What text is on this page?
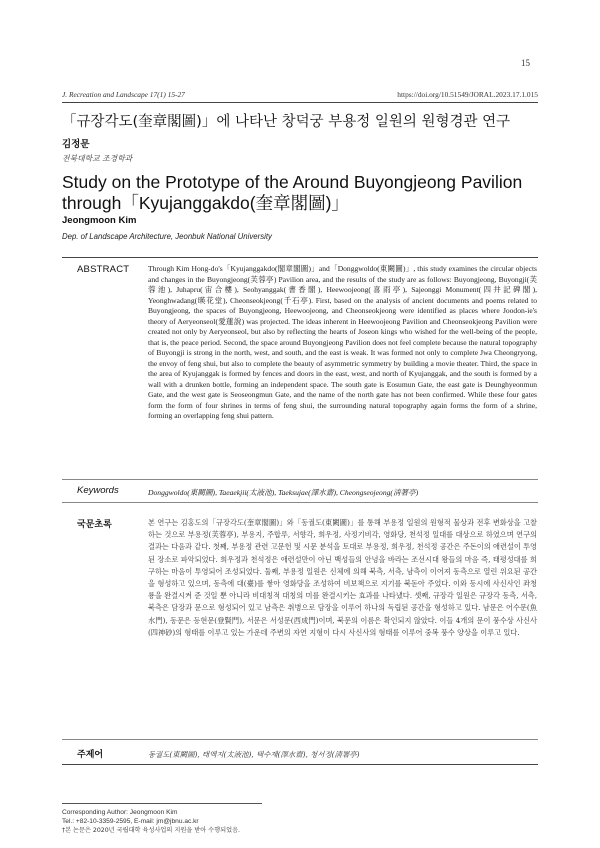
15
J. Recreation and Landscape 17(1) 15-27	https://doi.org/10.51549/JORAL.2023.17.1.015
「규장각도(奎章閣圖)」에 나타난 창덕궁 부용정 일원의 원형경관 연구
김정문
전북대학교 조경학과
Study on the Prototype of the Around Buyongjeong Pavilion through「Kyujanggakdo(奎章閣圖)」
Jeongmoon Kim
Dep. of Landscape Architecture, Jeonbuk National University
ABSTRACT Through Kim Hong-do's「Kyujanggakdo(閣章閣圖)」and「Donggwoldo(東闕圖)」, this study examines the circular objects and changes in the Buyongjeong(芙蓉亭) Pavilion area, and the results of the study are as follows: Buyongjeong, Buyongji(芙蓉池), Juhapru(宙合樓), Seohyanggak(書香閣), Heewoojeong(喜雨亭), Sajeonggi Monument(四井記碑閣), Yeonghwadang(暎花堂), Cheonseokjeong(千石亭). First, based on the analysis of ancient documents and poems related to Buyongjeong, the spaces of Buyongjeong, Heewoojeong, and Cheonseokjeong were identified as places where Joodon-ie's theory of Aeryeonseol(愛蓮說) was projected. The ideas inherent in Heewoojeong Pavilion and Cheonseokjeong Pavilion were created not only by Aeryeonseol, but also by reflecting the hearts of Joseon kings who wished for the well-being of the people, that is, the peace period. Second, the space around Buyongjeong Pavilion does not feel complete because the natural topography of Buyongji is strong in the north, west, and south, and the east is weak. It was formed not only to complete Jwa Cheongryong, the envoy of feng shui, but also to complete the beauty of asymmetric symmetry by building a movie theater. Third, the space in the area of Kyujanggak is formed by fences and doors in the east, west, and north of Kyujanggak, and the south is formed by a wall with a drunken bottle, forming an independent space. The south gate is Eosumun Gate, the east gate is Deunghyeonmun Gate, and the west gate is Seoseongmun Gate, and the name of the north gate has not been confirmed. While these four gates form the form of four shrines in terms of feng shui, the surrounding natural topography again forms the form of a shrine, forming an overlapping feng shui pattern.

Keywords	Donggwoldo(東闕圖), Taeaekjii(太液池), Taeksujae(澤水齋), Cheongseojeong(淸署亭)
국문초록	본 연구는 김홍도의「규장각도(奎章閣圖)」와「동궐도(東闕圖)」를 통해 부용정 일원의 원형적 물상과 전후 변화상을 고찰하는 것으로 부용정(芙蓉亭), 부용지, 주합루, 서향각, 희우정, 사정기비각, 영화당, 천석정 일대를 대상으로 하였으며 연구의 결과는 다음과 같다. 첫째, 부용정 관련 고문헌 및 시문 분석을 토대로 부용정, 희우정, 천석정 공간은 주돈이의 애련설이 투영된 장소로 파악되었다. 희우정과 천석정은 애련설만이 아닌 백성들의 안녕을 바라는 조선시대 왕들의 마음 즉, 태평성대를 희구하는 마음이 투영되어 조성되었다. 둘째, 부용정 일원은 신체에 의해 북측, 서측, 남측이 이어져 동측으로 열린 위요된 공간을 형성하고 있으며, 동측에 대(臺)를 쌓아 영화당을 조성하여 비보책으로 지기를 북돋아 주었다. 이와 동시에 사신사인 좌청룡을 완결시켜 준 것일 뿐 아니라 비대칭적 대칭의 미를 완결시키는 효과를 나타냈다. 셋째, 규장각 일원은 규장각 동측, 서측, 북측은 담장과 문으로 형성되어 있고 남측은 취병으로 담장을 이루어 하나의 독립된 공간을 형성하고 있다. 남문은 어수문(魚水門), 동문은 등현문(登賢門), 서문은 서성문(西成門)이며, 북문의 이름은 확인되지 않았다. 이들 4개의 문이 풍수상 사신사(四神砂)의 형태를 이루고 있는 가운데 주변의 자연 지형이 다시 사신사의 형태를 이루어 중복 풍수 양상을 이루고 있다.

주제어	동궐도(東闕圖), 태액지(太液池), 택수재(澤水齋), 청서정(淸署亭)
Corresponding Author: Jeongmoon Kim
Tel.: +82-10-3359-2595, E-mail: jm@jbnu.ac.kr
†본 논문은 2020년 국립대학 육성사업의 지원을 받아 수행되었음.
